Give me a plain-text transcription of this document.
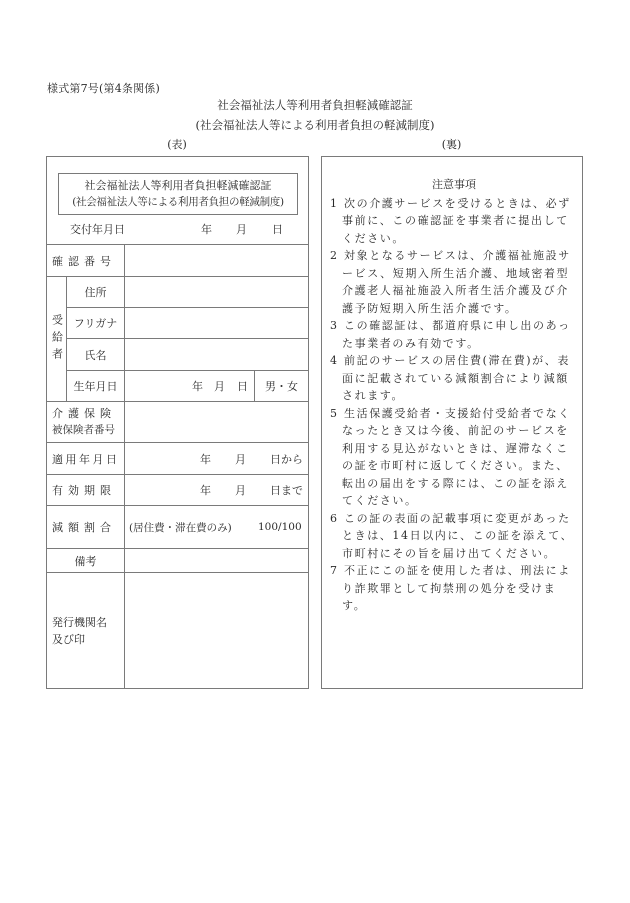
様式第7号(第4条関係)
社会福祉法人等利用者負担軽減確認証
(社会福祉法人等による利用者負担の軽減制度)
(表)	(裏)
社会福祉法人等利用者負担軽減確認証
(社会福祉法人等による利用者負担の軽減制度)
交付年月日	年 月 日
確認番号
受給者
住所
フリガナ
氏名
生年月日	年 月 日	男・女
介護保険
被保険者番号
適用年月日	年 月 日から
有効期限	年 月 日まで
減額割合	(居住費・滞在費のみ)	100/100
備考
発行機関名
及び印
注意事項
1 次の介護サービスを受けるときは、必ず事前に、この確認証を事業者に提出してください。
2 対象となるサービスは、介護福祉施設サービス、短期入所生活介護、地域密着型介護老人福祉施設入所者生活介護及び介護予防短期入所生活介護です。
3 この確認証は、都道府県に申し出のあった事業者のみ有効です。
4 前記のサービスの居住費(滞在費)が、表面に記載されている減額割合により減額されます。
5 生活保護受給者・支援給付受給者でなくなったとき又は今後、前記のサービスを利用する見込がないときは、遅滞なくこの証を市町村に返してください。また、転出の届出をする際には、この証を添えてください。
6 この証の表面の記載事項に変更があったときは、14日以内に、この証を添えて、市町村にその旨を届け出てください。
7 不正にこの証を使用した者は、刑法により詐欺罪として拘禁刑の処分を受けます。
